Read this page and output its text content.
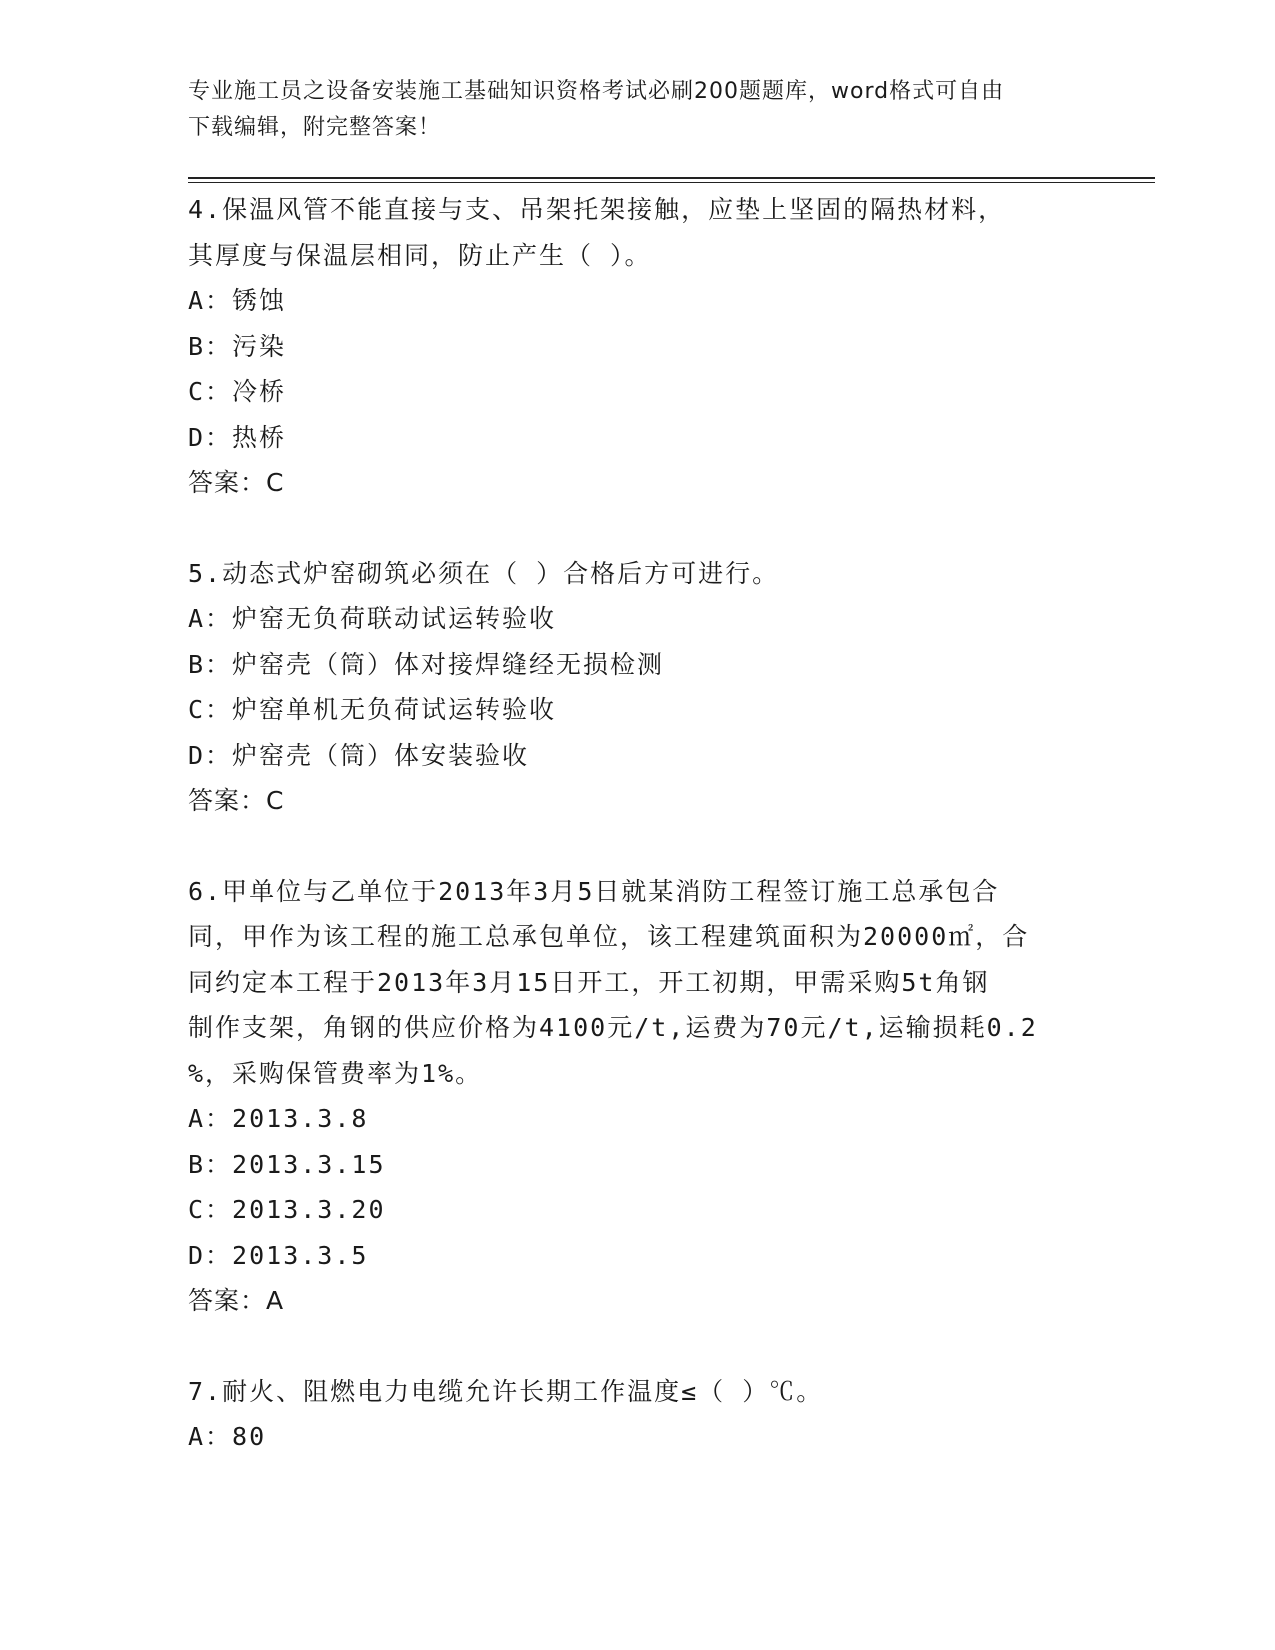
专业施工员之设备安装施工基础知识资格考试必刷200题题库，word格式可自由
下载编辑，附完整答案！

4.保温风管不能直接与支、吊架托架接触，应垫上坚固的隔热材料，

其厚度与保温层相同，防止产生（ ）。

A：锈蚀

B：污染

C：冷桥

D：热桥

答案：C

5.动态式炉窑砌筑必须在（ ）合格后方可进行。

A：炉窑无负荷联动试运转验收

B：炉窑壳（筒）体对接焊缝经无损检测

C：炉窑单机无负荷试运转验收

D：炉窑壳（筒）体安装验收

答案：C

6.甲单位与乙单位于2013年3月5日就某消防工程签订施工总承包合

同，甲作为该工程的施工总承包单位，该工程建筑面积为20000㎡，合

同约定本工程于2013年3月15日开工，开工初期，甲需采购5t角钢

制作支架，角钢的供应价格为4100元/t,运费为70元/t,运输损耗0.2

%，采购保管费率为1%。

A：2013.3.8

B：2013.3.15

C：2013.3.20

D：2013.3.5

答案：A

7.耐火、阻燃电力电缆允许长期工作温度≤（ ）℃。

A：80
